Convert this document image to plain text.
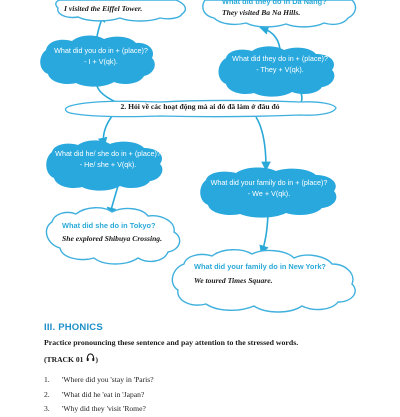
I visited the Eiffel Tower.
What did they do in Da Nang?
They visited Ba Na Hills.
What did you do in + (place)?
- I + V(qk).	What did they do in + (place)?
- They + V(qk).
2. Hỏi về các hoạt động mà ai đó đã làm ở đâu đó
What did he/ she do in + (place)?
- He/ she + V(qk).
What did your family do in + (place)?
- We + V(qk).
What did she do in Tokyo?
She explored Shibuya Crossing.
What did your family do in New York?
We toured Times Square.
III. PHONICS
Practice pronouncing these sentence and pay attention to the stressed words.
(TRACK 01 )
1. 'Where did you 'stay in 'Paris?
2. 'What did he 'eat in 'Japan?
3. 'Why did they 'visit 'Rome?
